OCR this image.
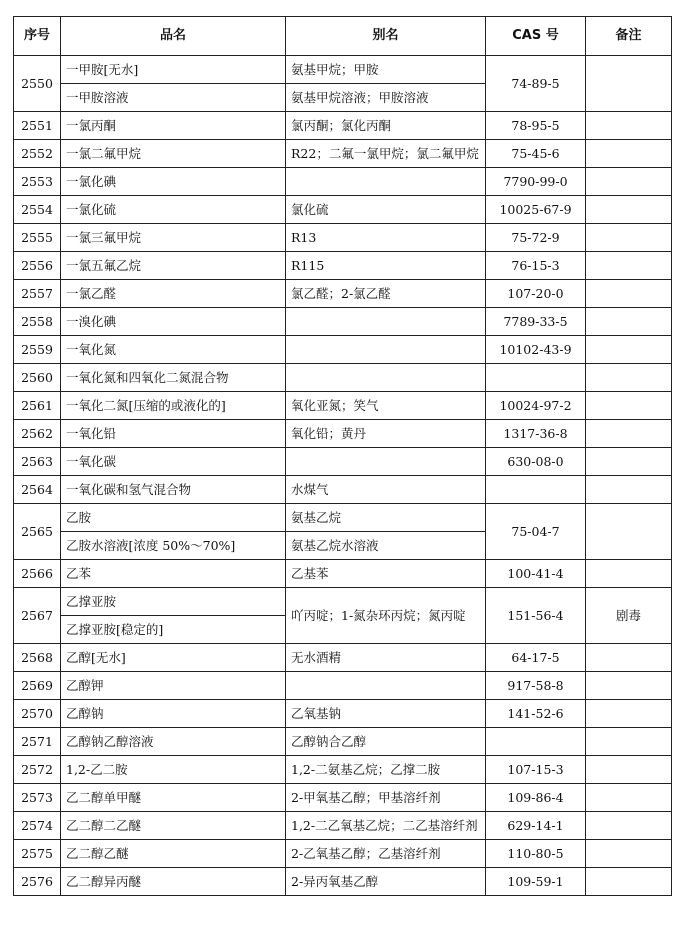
序号	品名	别名	CAS 号	备注
2550	一甲胺[无水]	氨基甲烷；甲胺	74-89-5	
	一甲胺溶液	氨基甲烷溶液；甲胺溶液		
2551	一氯丙酮	氯丙酮；氯化丙酮	78-95-5	
2552	一氯二氟甲烷	R22；二氟一氯甲烷；氯二氟甲烷	75-45-6	
2553	一氯化碘		7790-99-0	
2554	一氯化硫	氯化硫	10025-67-9	
2555	一氯三氟甲烷	R13	75-72-9	
2556	一氯五氟乙烷	R115	76-15-3	
2557	一氯乙醛	氯乙醛；2-氯乙醛	107-20-0	
2558	一溴化碘		7789-33-5	
2559	一氧化氮		10102-43-9	
2560	一氧化氮和四氧化二氮混合物			
2561	一氧化二氮[压缩的或液化的]	氧化亚氮；笑气	10024-97-2	
2562	一氧化铅	氧化铅；黄丹	1317-36-8	
2563	一氧化碳		630-08-0	
2564	一氧化碳和氢气混合物	水煤气		
2565	乙胺	氨基乙烷	75-04-7	
	乙胺水溶液[浓度 50%～70%]	氨基乙烷水溶液		
2566	乙苯	乙基苯	100-41-4	
2567	乙撑亚胺	吖丙啶；1-氮杂环丙烷；氮丙啶	151-56-4	剧毒
	乙撑亚胺[稳定的]			
2568	乙醇[无水]	无水酒精	64-17-5	
2569	乙醇钾		917-58-8	
2570	乙醇钠	乙氧基钠	141-52-6	
2571	乙醇钠乙醇溶液	乙醇钠合乙醇		
2572	1,2-乙二胺	1,2-二氨基乙烷；乙撑二胺	107-15-3	
2573	乙二醇单甲醚	2-甲氧基乙醇；甲基溶纤剂	109-86-4	
2574	乙二醇二乙醚	1,2-二乙氧基乙烷；二乙基溶纤剂	629-14-1	
2575	乙二醇乙醚	2-乙氧基乙醇；乙基溶纤剂	110-80-5	
2576	乙二醇异丙醚	2-异丙氧基乙醇	109-59-1	
